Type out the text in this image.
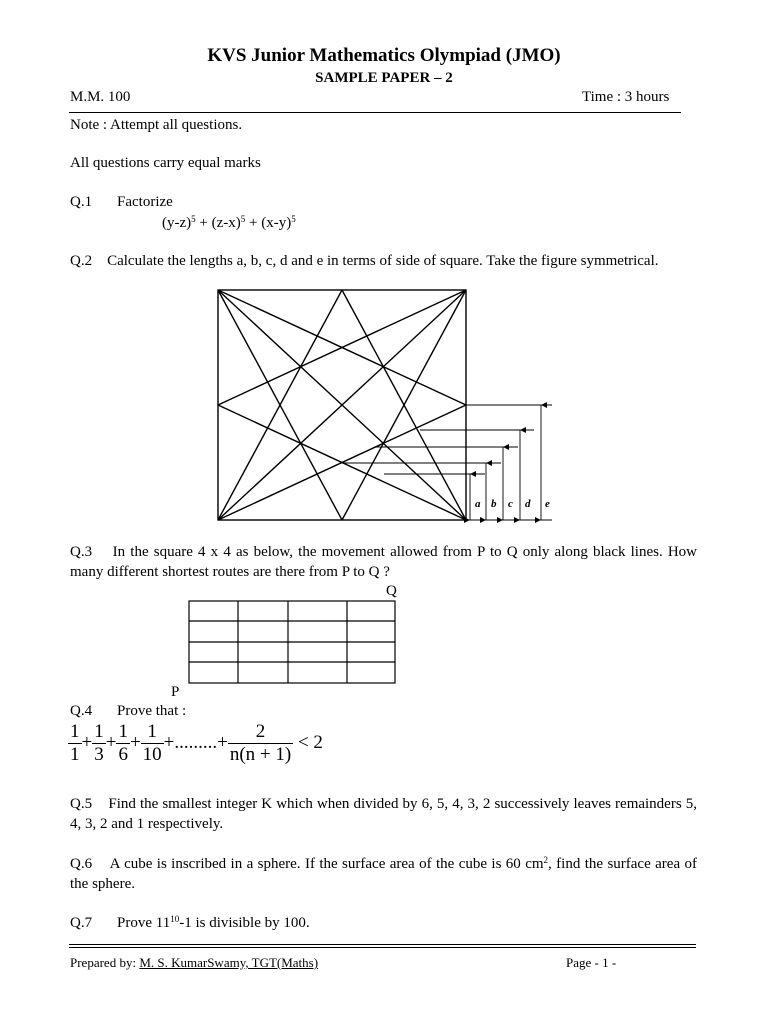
KVS Junior Mathematics Olympiad (JMO)
SAMPLE PAPER – 2
M.M. 100	Time : 3 hours
Note : Attempt all questions.
All questions carry equal marks
Q.1 Factorize
$(y-z)^5 + (z-x)^5 + (x-y)^5$
Q.2 Calculate the lengths a, b, c, d and e in terms of side of square. Take the figure symmetrical.
a b c d e
Q.3 In the square 4 x 4 as below, the movement allowed from P to Q only along black lines. How many different shortest routes are there from P to Q ?
Q
P
Q.4 Prove that :
$\frac{1}{1} + \frac{1}{3} + \frac{1}{6} + \frac{1}{10}$ +.........+ $\frac{2}{n(n + 1)} < 2$
Q.5 Find the smallest integer K which when divided by 6, 5, 4, 3, 2 successively leaves remainders 5, 4, 3, 2 and 1 respectively.
Q.6 A cube is inscribed in a sphere. If the surface area of the cube is 60 $cm^2$, find the surface area of the sphere.
Q.7 Prove $11^{10}-1$ is divisible by 100.
Prepared by: M. S. KumarSwamy, TGT(Maths)	Page - 1 -
